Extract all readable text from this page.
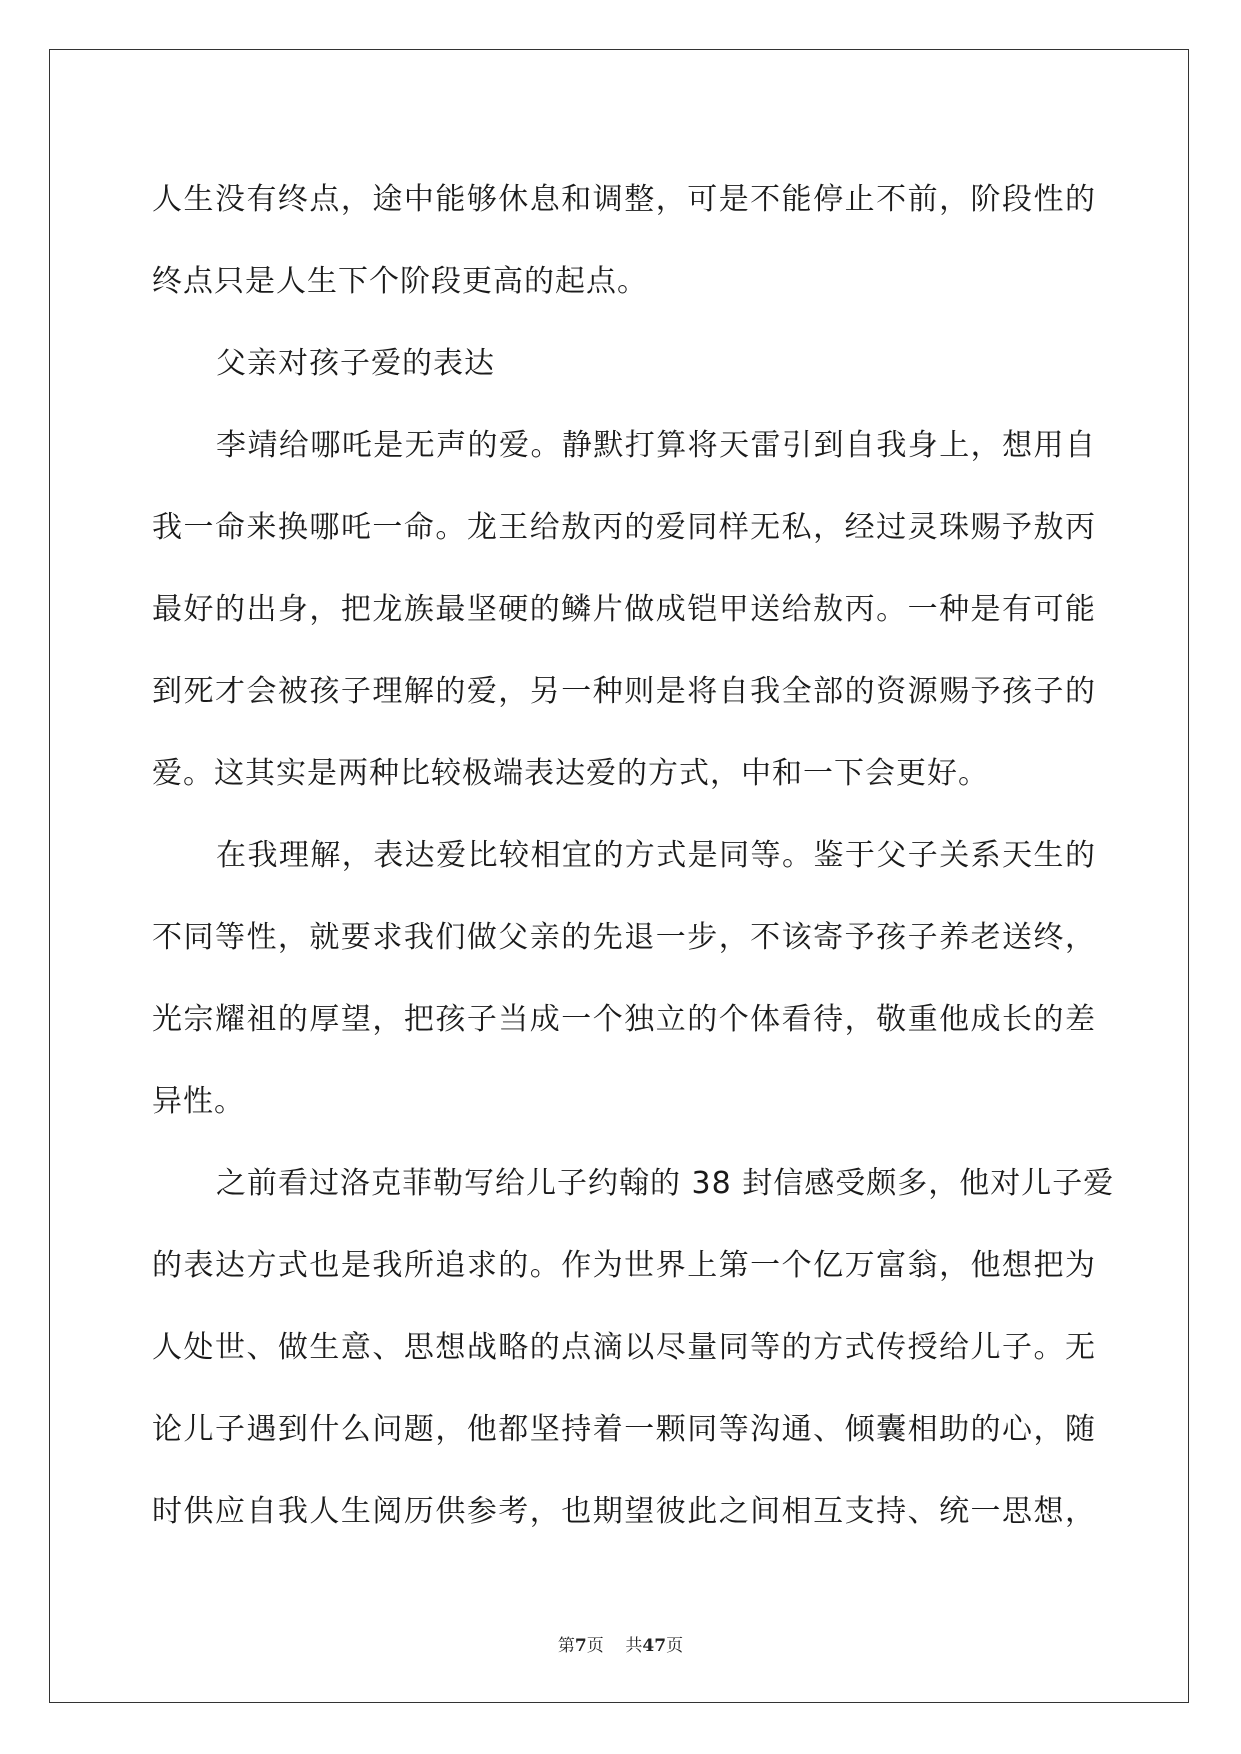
人生没有终点，途中能够休息和调整，可是不能停止不前，阶段性的
终点只是人生下个阶段更高的起点。
父亲对孩子爱的表达
李靖给哪吒是无声的爱。静默打算将天雷引到自我身上，想用自
我一命来换哪吒一命。龙王给敖丙的爱同样无私，经过灵珠赐予敖丙
最好的出身，把龙族最坚硬的鳞片做成铠甲送给敖丙。一种是有可能
到死才会被孩子理解的爱，另一种则是将自我全部的资源赐予孩子的
爱。这其实是两种比较极端表达爱的方式，中和一下会更好。
在我理解，表达爱比较相宜的方式是同等。鉴于父子关系天生的
不同等性，就要求我们做父亲的先退一步，不该寄予孩子养老送终，
光宗耀祖的厚望，把孩子当成一个独立的个体看待，敬重他成长的差
异性。
之前看过洛克菲勒写给儿子约翰的 38 封信感受颇多，他对儿子爱
的表达方式也是我所追求的。作为世界上第一个亿万富翁，他想把为
人处世、做生意、思想战略的点滴以尽量同等的方式传授给儿子。无
论儿子遇到什么问题，他都坚持着一颗同等沟通、倾囊相助的心，随
时供应自我人生阅历供参考，也期望彼此之间相互支持、统一思想，
第7页 共47页
